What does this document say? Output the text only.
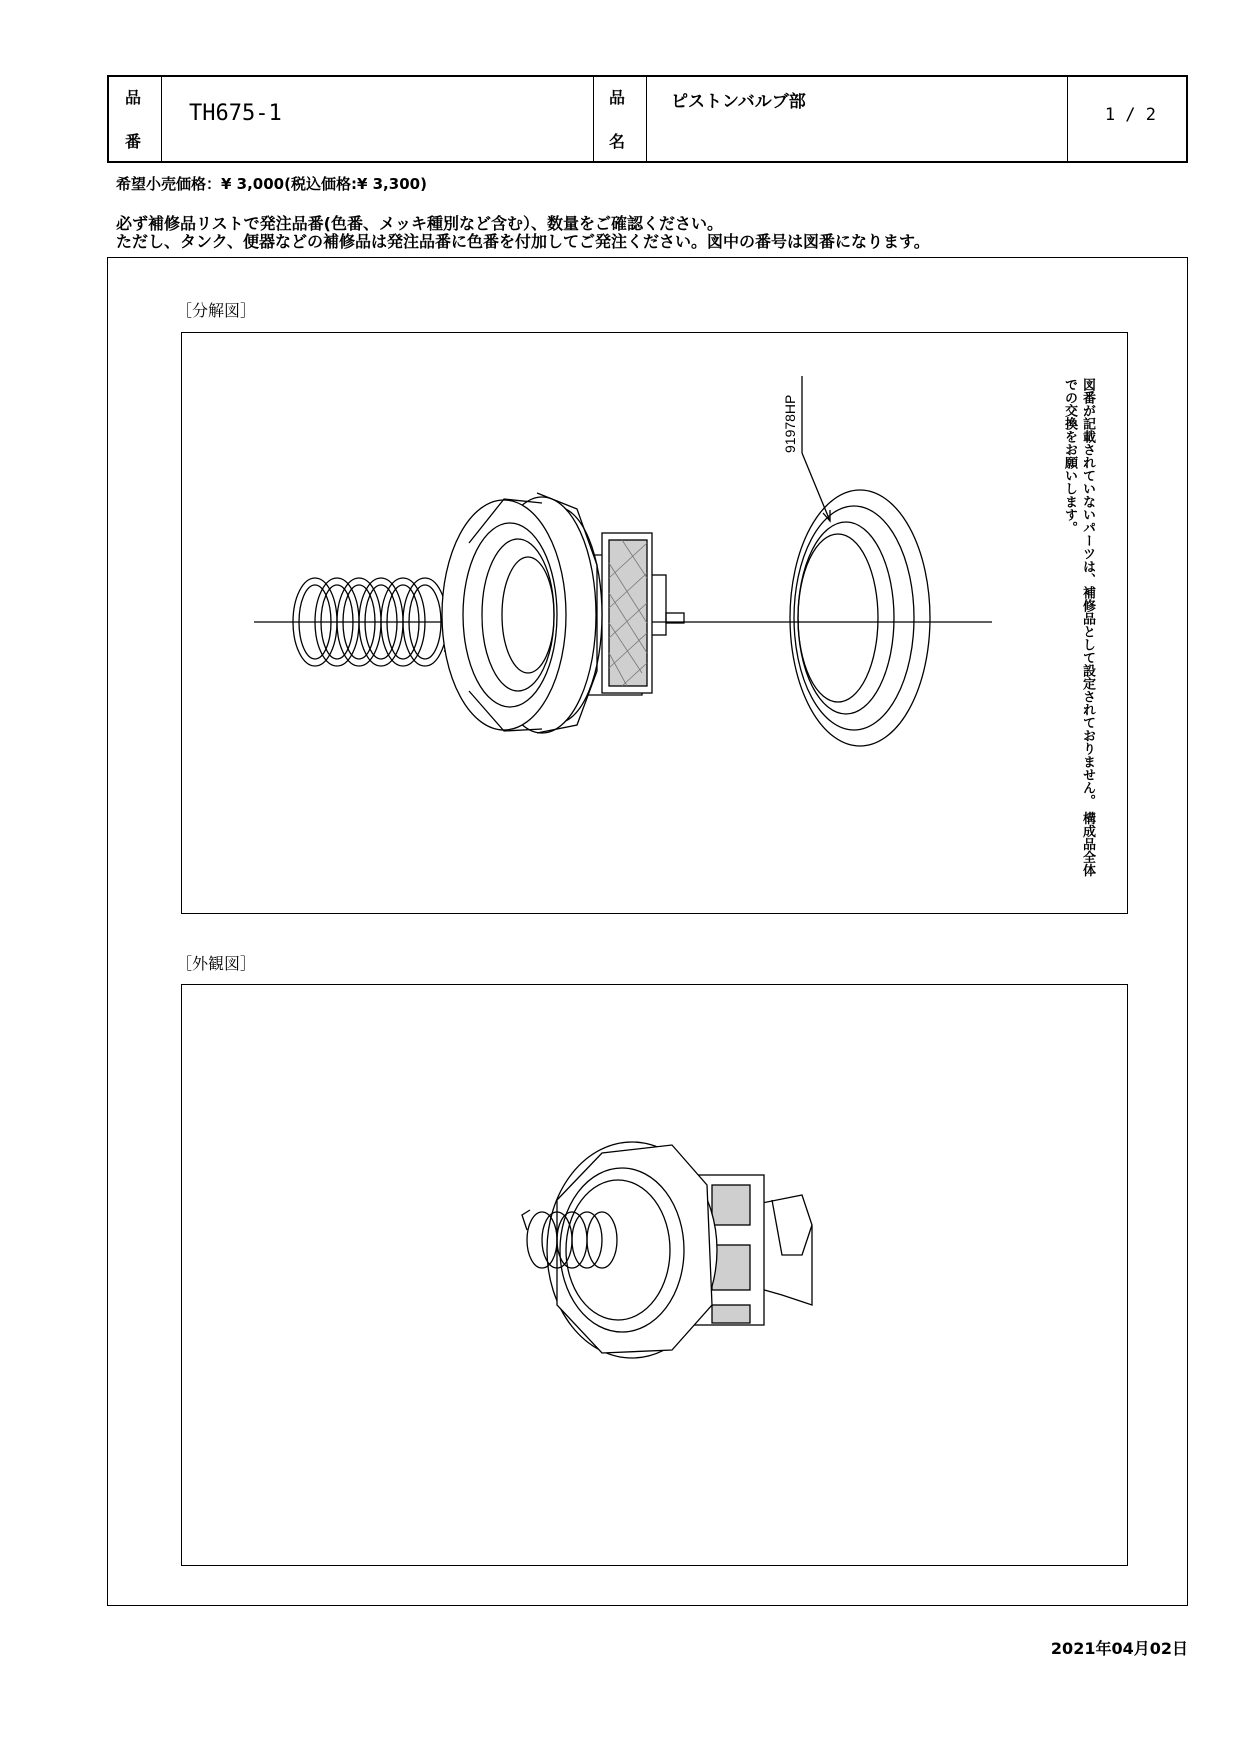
品
番
TH675-1
品
名
ピストンバルブ部
1 / 2
希望小売価格：¥ 3,000(税込価格:¥ 3,300)
必ず補修品リストで発注品番(色番、メッキ種別など含む）、数量をご確認ください。
ただし、タンク、便器などの補修品は発注品番に色番を付加してご発注ください。図中の番号は図番になります。
［分解図］
91978HP	図番が記載されていないパーツは、補修品として設定されておりません。 構成品全体での交換をお願いします。
［外観図］
2021年04月02日
